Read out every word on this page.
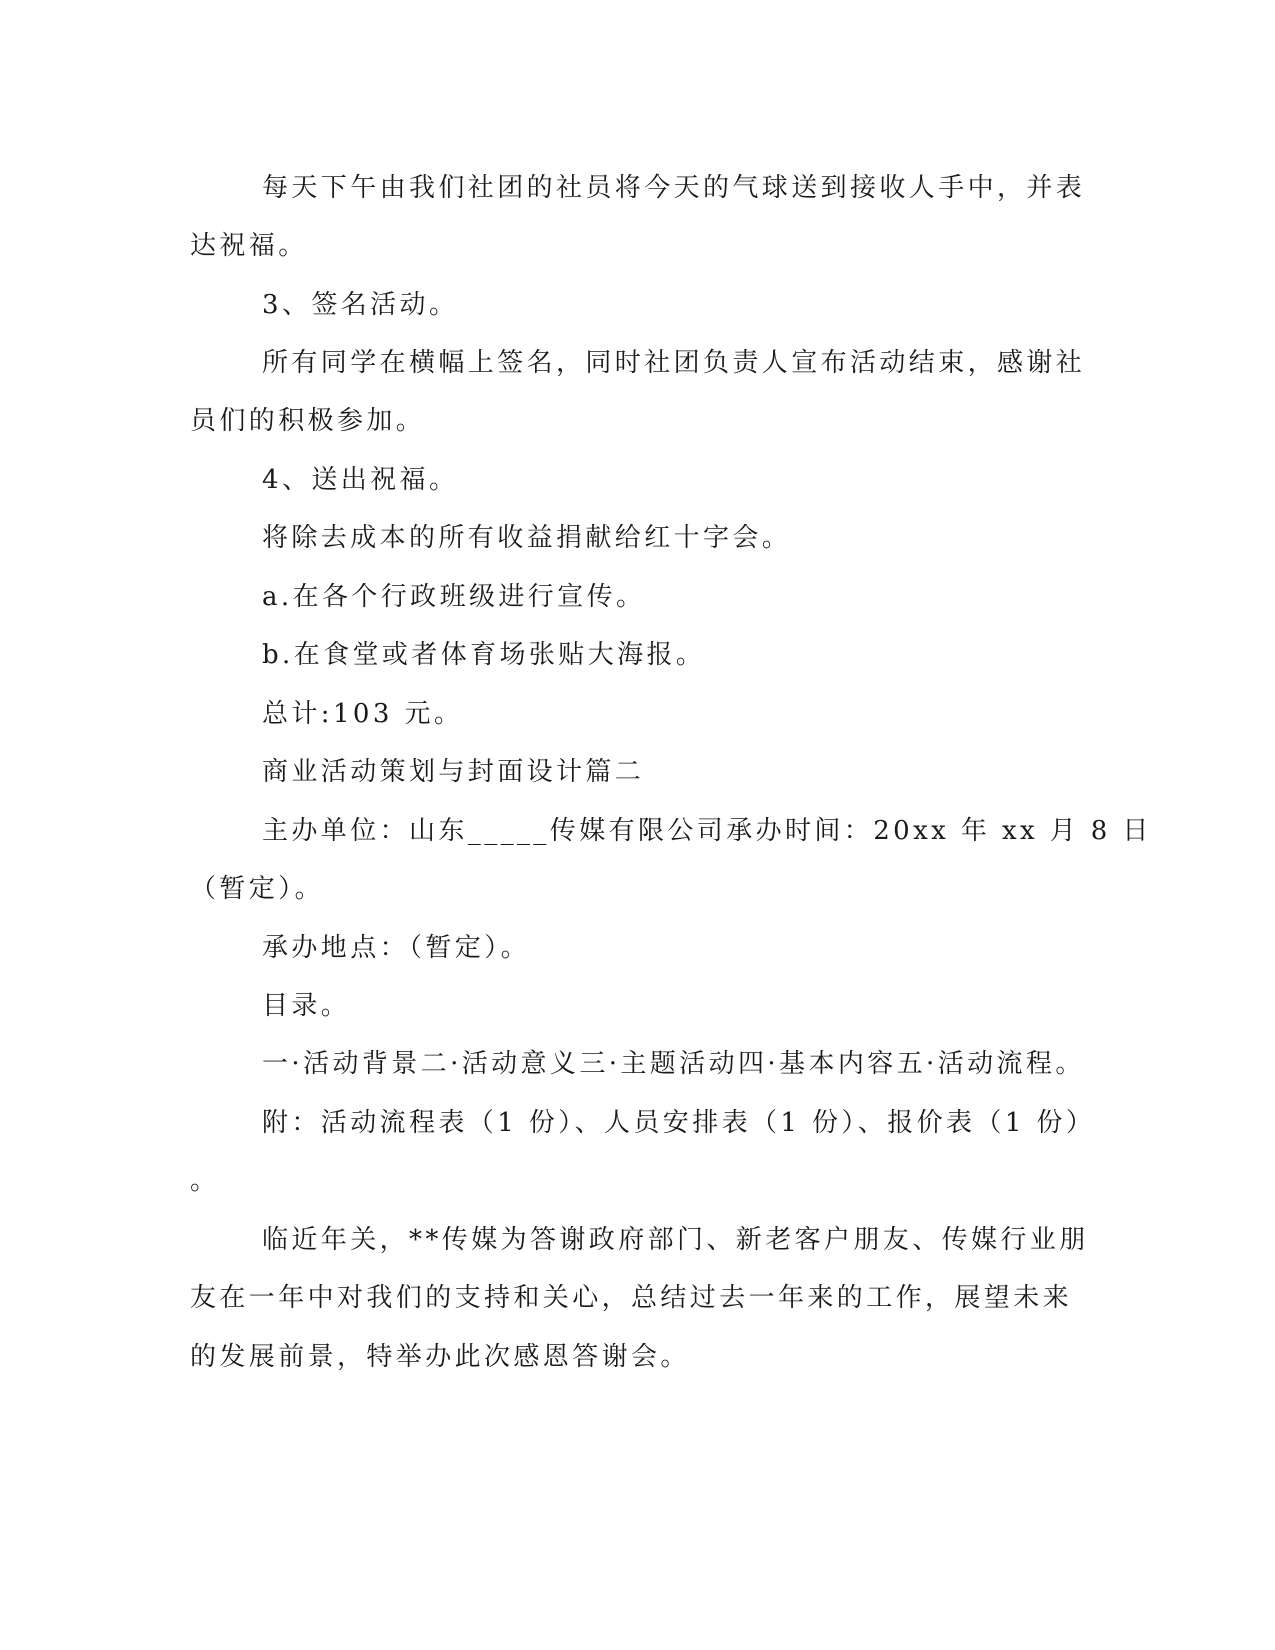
每天下午由我们社团的社员将今天的气球送到接收人手中，并表
达祝福。
3、签名活动。
所有同学在横幅上签名，同时社团负责人宣布活动结束，感谢社
员们的积极参加。
4、送出祝福。
将除去成本的所有收益捐献给红十字会。
a.在各个行政班级进行宣传。
b.在食堂或者体育场张贴大海报。
总计:103 元。
商业活动策划与封面设计篇二
主办单位：山东_____传媒有限公司承办时间：20xx 年 xx 月 8 日
（暂定）。
承办地点：（暂定）。
目录。
一·活动背景二·活动意义三·主题活动四·基本内容五·活动流程。
附：活动流程表（1 份）、人员安排表（1 份）、报价表（1 份）
。
临近年关，**传媒为答谢政府部门、新老客户朋友、传媒行业朋
友在一年中对我们的支持和关心，总结过去一年来的工作，展望未来
的发展前景，特举办此次感恩答谢会。
